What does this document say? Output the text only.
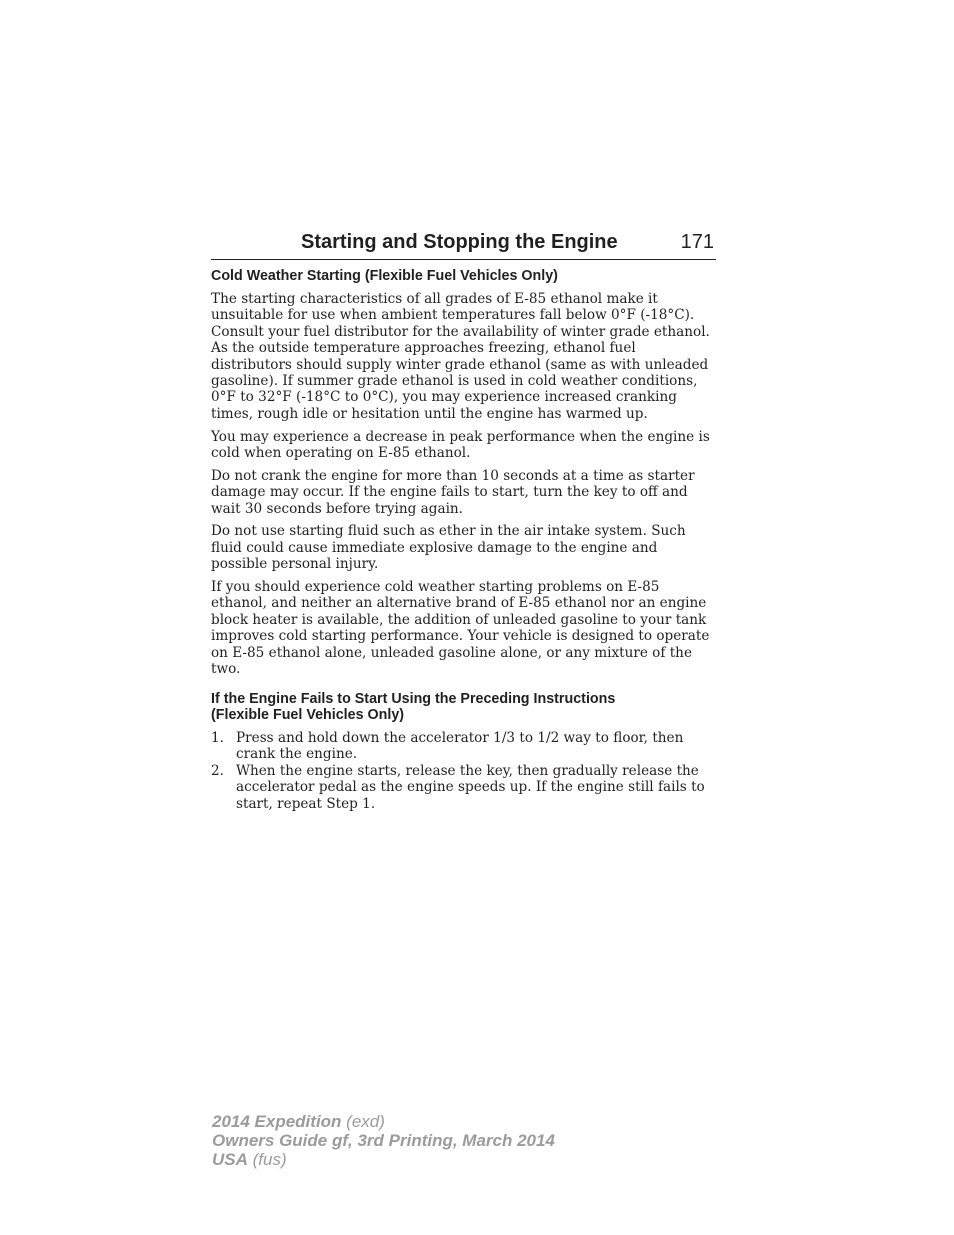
Starting and Stopping the Engine	171
Cold Weather Starting (Flexible Fuel Vehicles Only)

The starting characteristics of all grades of E-85 ethanol make it unsuitable for use when ambient temperatures fall below 0°F (-18°C). Consult your fuel distributor for the availability of winter grade ethanol. As the outside temperature approaches freezing, ethanol fuel distributors should supply winter grade ethanol (same as with unleaded gasoline). If summer grade ethanol is used in cold weather conditions, 0°F to 32°F (-18°C to 0°C), you may experience increased cranking times, rough idle or hesitation until the engine has warmed up.

You may experience a decrease in peak performance when the engine is cold when operating on E-85 ethanol.

Do not crank the engine for more than 10 seconds at a time as starter damage may occur. If the engine fails to start, turn the key to off and wait 30 seconds before trying again.

Do not use starting fluid such as ether in the air intake system. Such fluid could cause immediate explosive damage to the engine and possible personal injury.

If you should experience cold weather starting problems on E-85 ethanol, and neither an alternative brand of E-85 ethanol nor an engine block heater is available, the addition of unleaded gasoline to your tank improves cold starting performance. Your vehicle is designed to operate on E-85 ethanol alone, unleaded gasoline alone, or any mixture of the two.

If the Engine Fails to Start Using the Preceding Instructions
(Flexible Fuel Vehicles Only)
1. Press and hold down the accelerator 1/3 to 1/2 way to floor, then crank the engine.
2. When the engine starts, release the key, then gradually release the accelerator pedal as the engine speeds up. If the engine still fails to start, repeat Step 1.
2014 Expedition (exd)
Owners Guide gf, 3rd Printing, March 2014
USA (fus)
